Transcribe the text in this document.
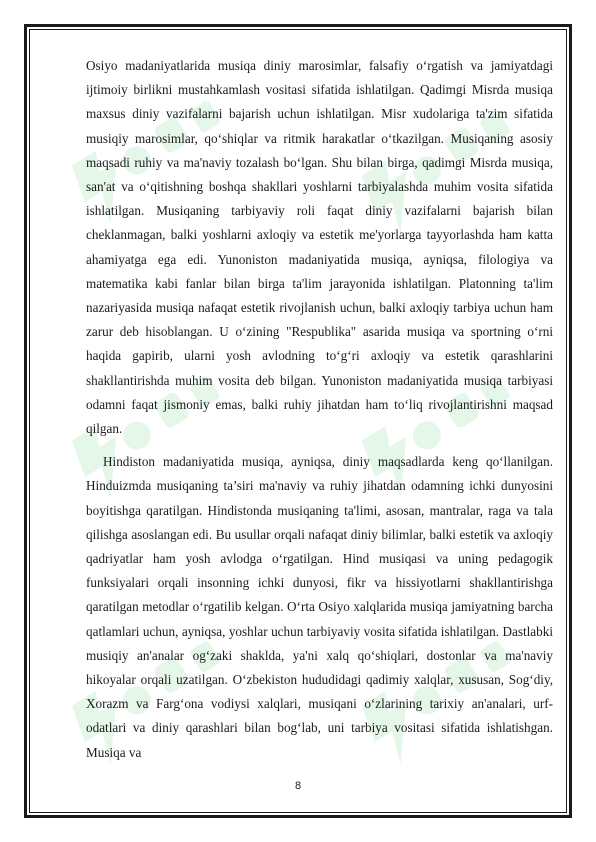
Osiyo madaniyatlarida musiqa diniy marosimlar, falsafiy o‘rgatish va jamiyatdagi ijtimoiy birlikni mustahkamlash vositasi sifatida ishlatilgan. Qadimgi Misrda musiqa maxsus diniy vazifalarni bajarish uchun ishlatilgan. Misr xudolariga ta'zim sifatida musiqiy marosimlar, qo‘shiqlar va ritmik harakatlar o‘tkazilgan. Musiqaning asosiy maqsadi ruhiy va ma'naviy tozalash bo‘lgan. Shu bilan birga, qadimgi Misrda musiqa, san'at va o‘qitishning boshqa shakllari yoshlarni tarbiyalashda muhim vosita sifatida ishlatilgan. Musiqaning tarbiyaviy roli faqat diniy vazifalarni bajarish bilan cheklanmagan, balki yoshlarni axloqiy va estetik me'yorlarga tayyorlashda ham katta ahamiyatga ega edi. Yunoniston madaniyatida musiqa, ayniqsa, filologiya va matematika kabi fanlar bilan birga ta'lim jarayonida ishlatilgan. Platonning ta'lim nazariyasida musiqa nafaqat estetik rivojlanish uchun, balki axloqiy tarbiya uchun ham zarur deb hisoblangan. U o‘zining "Respublika" asarida musiqa va sportning o‘rni haqida gapirib, ularni yosh avlodning to‘g‘ri axloqiy va estetik qarashlarini shakllantirishda muhim vosita deb bilgan. Yunoniston madaniyatida musiqa tarbiyasi odamni faqat jismoniy emas, balki ruhiy jihatdan ham to‘liq rivojlantirishni maqsad qilgan.

Hindiston madaniyatida musiqa, ayniqsa, diniy maqsadlarda keng qo‘llanilgan. Hinduizmda musiqaning ta’siri ma'naviy va ruhiy jihatdan odamning ichki dunyosini boyitishga qaratilgan. Hindistonda musiqaning ta'limi, asosan, mantralar, raga va tala qilishga asoslangan edi. Bu usullar orqali nafaqat diniy bilimlar, balki estetik va axloqiy qadriyatlar ham yosh avlodga o‘rgatilgan. Hind musiqasi va uning pedagogik funksiyalari orqali insonning ichki dunyosi, fikr va hissiyotlarni shakllantirishga qaratilgan metodlar o‘rgatilib kelgan. O‘rta Osiyo xalqlarida musiqa jamiyatning barcha qatlamlari uchun, ayniqsa, yoshlar uchun tarbiyaviy vosita sifatida ishlatilgan. Dastlabki musiqiy an'analar og‘zaki shaklda, ya'ni xalq qo‘shiqlari, dostonlar va ma'naviy hikoyalar orqali uzatilgan. O‘zbekiston hududidagi qadimiy xalqlar, xususan, Sog‘diy, Xorazm va Farg‘ona vodiysi xalqlari, musiqani o‘zlarining tarixiy an'analari, urf-odatlari va diniy qarashlari bilan bog‘lab, uni tarbiya vositasi sifatida ishlatishgan. Musiqa va

8
